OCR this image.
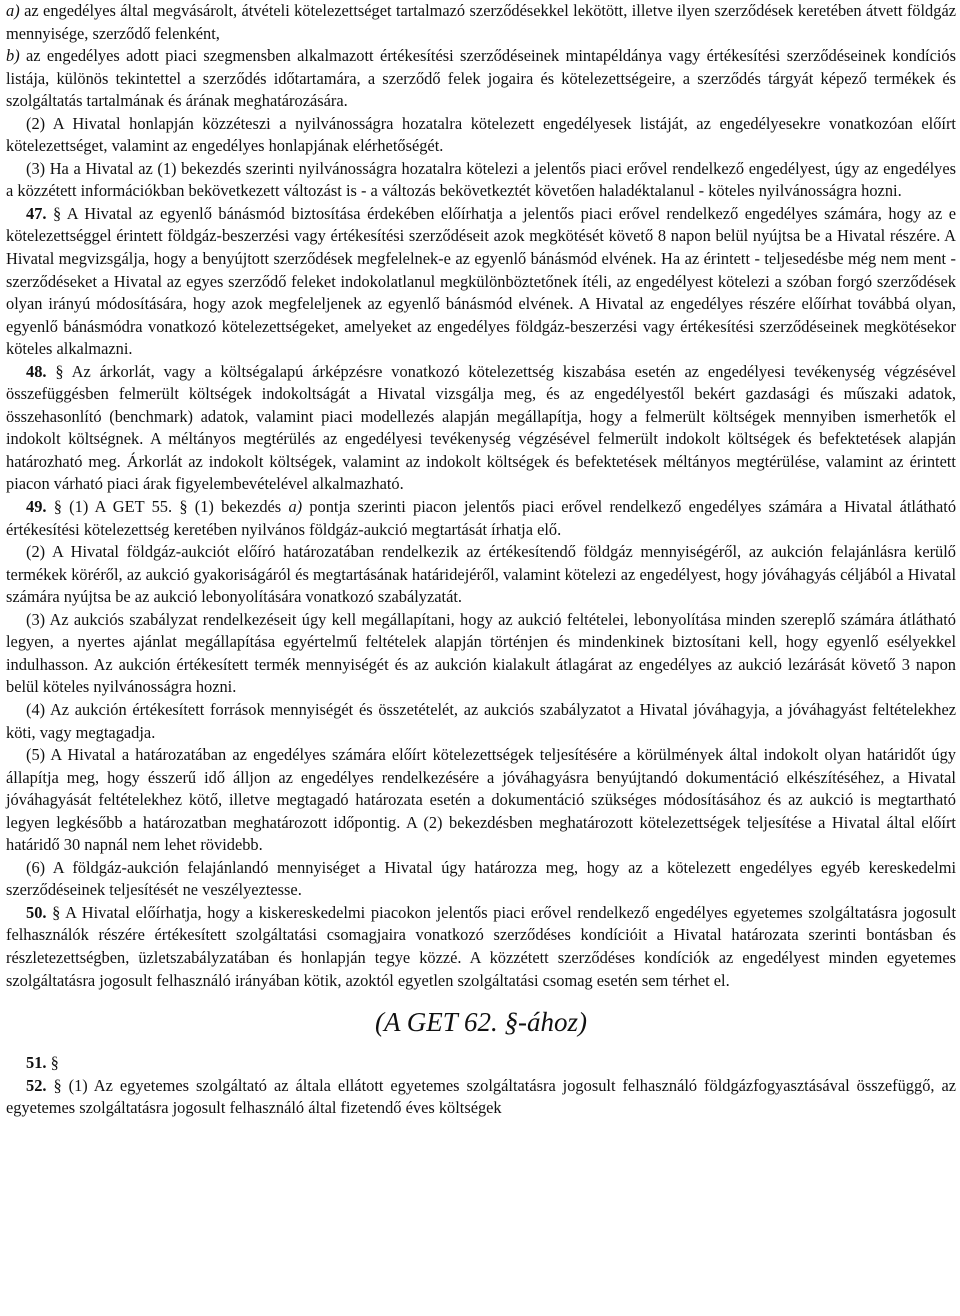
a) az engedélyes által megvásárolt, átvételi kötelezettséget tartalmazó szerződésekkel lekötött, illetve ilyen szerződések keretében átvett földgáz mennyisége, szerződő felenként,

b) az engedélyes adott piaci szegmensben alkalmazott értékesítési szerződéseinek mintapéldánya vagy értékesítési szerződéseinek kondíciós listája, különös tekintettel a szerződés időtartamára, a szerződő felek jogaira és kötelezettségeire, a szerződés tárgyát képező termékek és szolgáltatás tartalmának és árának meghatározására.

(2) A Hivatal honlapján közzéteszi a nyilvánosságra hozatalra kötelezett engedélyesek listáját, az engedélyesekre vonatkozóan előírt kötelezettséget, valamint az engedélyes honlapjának elérhetőségét.

(3) Ha a Hivatal az (1) bekezdés szerinti nyilvánosságra hozatalra kötelezi a jelentős piaci erővel rendelkező engedélyest, úgy az engedélyes a közzétett információkban bekövetkezett változást is - a változás bekövetkeztét követően haladéktalanul - köteles nyilvánosságra hozni.

47. § A Hivatal az egyenlő bánásmód biztosítása érdekében előírhatja a jelentős piaci erővel rendelkező engedélyes számára, hogy az e kötelezettséggel érintett földgáz-beszerzési vagy értékesítési szerződéseit azok megkötését követő 8 napon belül nyújtsa be a Hivatal részére. A Hivatal megvizsgálja, hogy a benyújtott szerződések megfelelnek-e az egyenlő bánásmód elvének. Ha az érintett - teljesedésbe még nem ment - szerződéseket a Hivatal az egyes szerződő feleket indokolatlanul megkülönböztetőnek ítéli, az engedélyest kötelezi a szóban forgó szerződések olyan irányú módosítására, hogy azok megfeleljenek az egyenlő bánásmód elvének. A Hivatal az engedélyes részére előírhat továbbá olyan, egyenlő bánásmódra vonatkozó kötelezettségeket, amelyeket az engedélyes földgáz-beszerzési vagy értékesítési szerződéseinek megkötésekor köteles alkalmazni.

48. § Az árkorlát, vagy a költségalapú árképzésre vonatkozó kötelezettség kiszabása esetén az engedélyesi tevékenység végzésével összefüggésben felmerült költségek indokoltságát a Hivatal vizsgálja meg, és az engedélyestől bekért gazdasági és műszaki adatok, összehasonlító (benchmark) adatok, valamint piaci modellezés alapján megállapítja, hogy a felmerült költségek mennyiben ismerhetők el indokolt költségnek. A méltányos megtérülés az engedélyesi tevékenység végzésével felmerült indokolt költségek és befektetések alapján határozható meg. Árkorlát az indokolt költségek, valamint az indokolt költségek és befektetések méltányos megtérülése, valamint az érintett piacon várható piaci árak figyelembevételével alkalmazható.

49. § (1) A GET 55. § (1) bekezdés a) pontja szerinti piacon jelentős piaci erővel rendelkező engedélyes számára a Hivatal átlátható értékesítési kötelezettség keretében nyilvános földgáz-aukció megtartását írhatja elő.

(2) A Hivatal földgáz-aukciót előíró határozatában rendelkezik az értékesítendő földgáz mennyiségéről, az aukción felajánlásra kerülő termékek köréről, az aukció gyakoriságáról és megtartásának határidejéről, valamint kötelezi az engedélyest, hogy jóváhagyás céljából a Hivatal számára nyújtsa be az aukció lebonyolítására vonatkozó szabályzatát.

(3) Az aukciós szabályzat rendelkezéseit úgy kell megállapítani, hogy az aukció feltételei, lebonyolítása minden szereplő számára átlátható legyen, a nyertes ajánlat megállapítása egyértelmű feltételek alapján történjen és mindenkinek biztosítani kell, hogy egyenlő esélyekkel indulhasson. Az aukción értékesített termék mennyiségét és az aukción kialakult átlagárat az engedélyes az aukció lezárását követő 3 napon belül köteles nyilvánosságra hozni.

(4) Az aukción értékesített források mennyiségét és összetételét, az aukciós szabályzatot a Hivatal jóváhagyja, a jóváhagyást feltételekhez köti, vagy megtagadja.

(5) A Hivatal a határozatában az engedélyes számára előírt kötelezettségek teljesítésére a körülmények által indokolt olyan határidőt úgy állapítja meg, hogy ésszerű idő álljon az engedélyes rendelkezésére a jóváhagyásra benyújtandó dokumentáció elkészítéséhez, a Hivatal jóváhagyását feltételekhez kötő, illetve megtagadó határozata esetén a dokumentáció szükséges módosításához és az aukció is megtartható legyen legkésőbb a határozatban meghatározott időpontig. A (2) bekezdésben meghatározott kötelezettségek teljesítése a Hivatal által előírt határidő 30 napnál nem lehet rövidebb.

(6) A földgáz-aukción felajánlandó mennyiséget a Hivatal úgy határozza meg, hogy az a kötelezett engedélyes egyéb kereskedelmi szerződéseinek teljesítését ne veszélyeztesse.

50. § A Hivatal előírhatja, hogy a kiskereskedelmi piacokon jelentős piaci erővel rendelkező engedélyes egyetemes szolgáltatásra jogosult felhasználók részére értékesített szolgáltatási csomagjaira vonatkozó szerződéses kondícióit a Hivatal határozata szerinti bontásban és részletezettségben, üzletszabályzatában és honlapján tegye közzé. A közzétett szerződéses kondíciók az engedélyest minden egyetemes szolgáltatásra jogosult felhasználó irányában kötik, azoktól egyetlen szolgáltatási csomag esetén sem térhet el.

(A GET 62. §-ához)

51. §

52. § (1) Az egyetemes szolgáltató az általa ellátott egyetemes szolgáltatásra jogosult felhasználó földgázfogyasztásával összefüggő, az egyetemes szolgáltatásra jogosult felhasználó által fizetendő éves költségek
